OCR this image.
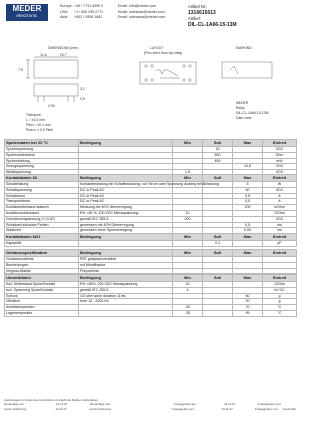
MEDER
electronic
Europe: +49 / 7731 8399 0	Email: info@meder.com
USA:	+1 / 508 295 0771	Email: salesusa@meder.com
Asia:	+852 / 2955 1682	Email: salesasia@meder.com
Artikel Nr.:
1316615013
Artikel:
DIL-CL-1A66-15-13M
DIMENSIONS (mm)	LAYOUT
(Pins seen from top view)
MARKING
12,6	20,7
7,5
3,2
0,5
2,54
Tolerance:
L = ±0,3 mm
Pitch = ±0,1 mm
Pins in ± 0,5 Pitch
MEDER
Relay
DIL-CL-1A66-15-13M
Date code
Spulendaten bei 20 °C	Bedingung	Min	Soll	Max	Einheit
Spulenspannung			15		VDC
Spulenwiderstand			500		Ohm
Spulenleistung			450		mW
Anzugsspannung				10,5	VDC
Abfallspannung		1,5			VDC
Kontaktdaten 66	Bedingung	Min	Soll	Max	Einheit
Schaltleistung	Kontaktbelastung bei Schaltbelastung, vor Strom oder Spannung Anstieg bei Belastung			5	W
Schaltspannung	DC or Peak AC			50	VDC
Schaltstrom	DC or Peak AC			0,5	A
Transportstrom	DC or Peak AC			0,5	A
Kontaktwiderstand statisch	Messung bei 40% Übererregung			200	mOhm
Isolationswiderstand	RH <45 %, 100 VDC Messspannung	10			GOhm
Durchbruchspannung (+/-0,8T)	gemäß IEC 255-5	200			VDC
Schaltzeit inklusive Prellen	gemessen mit 40% Übererregung			0,5	ms
Abfallzeit	gemessen ohne Spulenerregung			0,05	ms
Kontaktdaten 66/1	Bedingung	Min	Soll	Max	Einheit
Kapazität			0,3		pF
Gehäusespezifikation	Bedingung	Min	Soll	Max	Einheit
Gehäusematerial	PBT glasfaserverstärkt				
Bemerkungen	mit Metallhaube				
Verguss-Masse	Polyurethan				
Umweltdaten	Bedingung	Min	Soll	Max	Einheit
Isol. Widerstand Spule/Kontakt	RH <45%, 200 VDC Messspannung	10			GOhm
Isol. Spannung Spule/Kontakt	gemäß IEC 255-5	4			kV DC
Schock	1/2 sine wave duration 11ms			50	g
Vibration	from 10 - 2000 Hz			20	g
Arbeitstemperatur		-20		70	°C
Lagertemperatur		-35		95	°C
Änderungen im Sinne des technischen Fortschritts bleiben vorbehalten.
Neuanlage am:	13.11.07	Neuanlage von:	Freigegeben am:	13.11.07	Freigegeben von:
Letzte Änderung:	13.11.07	Letzte Änderung:	Freigegeben am:	13.11.07	Freigegeben von:	Version: 01
